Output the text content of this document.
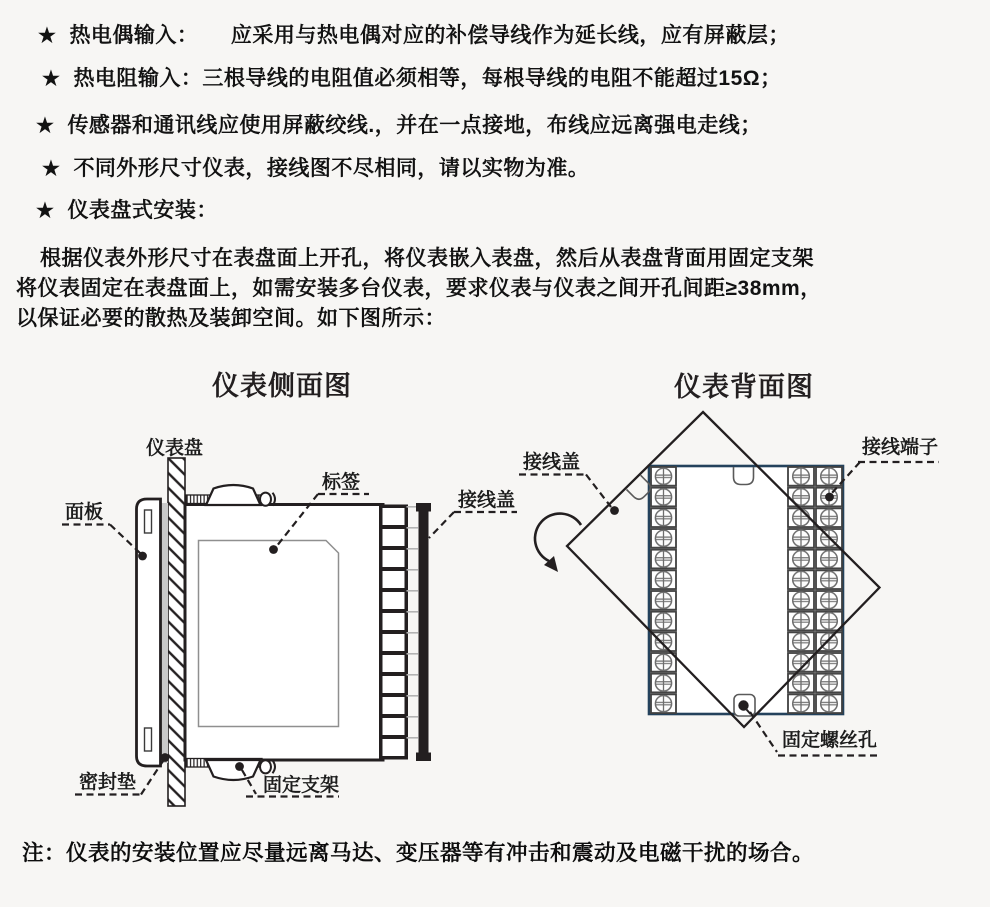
★ 热电偶输入：　　应采用与热电偶对应的补偿导线作为延长线，应有屏蔽层；
★ 热电阻输入：三根导线的电阻值必须相等，每根导线的电阻不能超过15Ω；
★ 传感器和通讯线应使用屏蔽绞线.，并在一点接地，布线应远离强电走线；
★ 不同外形尺寸仪表，接线图不尽相同，请以实物为准。
★ 仪表盘式安装：
根据仪表外形尺寸在表盘面上开孔，将仪表嵌入表盘，然后从表盘背面用固定支架
将仪表固定在表盘面上，如需安装多台仪表，要求仪表与仪表之间开孔间距≥38mm，
以保证必要的散热及装卸空间。如下图所示：
注：仪表的安装位置应尽量远离马达、变压器等有冲击和震动及电磁干扰的场合。
仪表侧面图
仪表盘
面板
标签
接线盖
密封垫	固定支架
仪表背面图
接线盖
接线端子
固定螺丝孔
